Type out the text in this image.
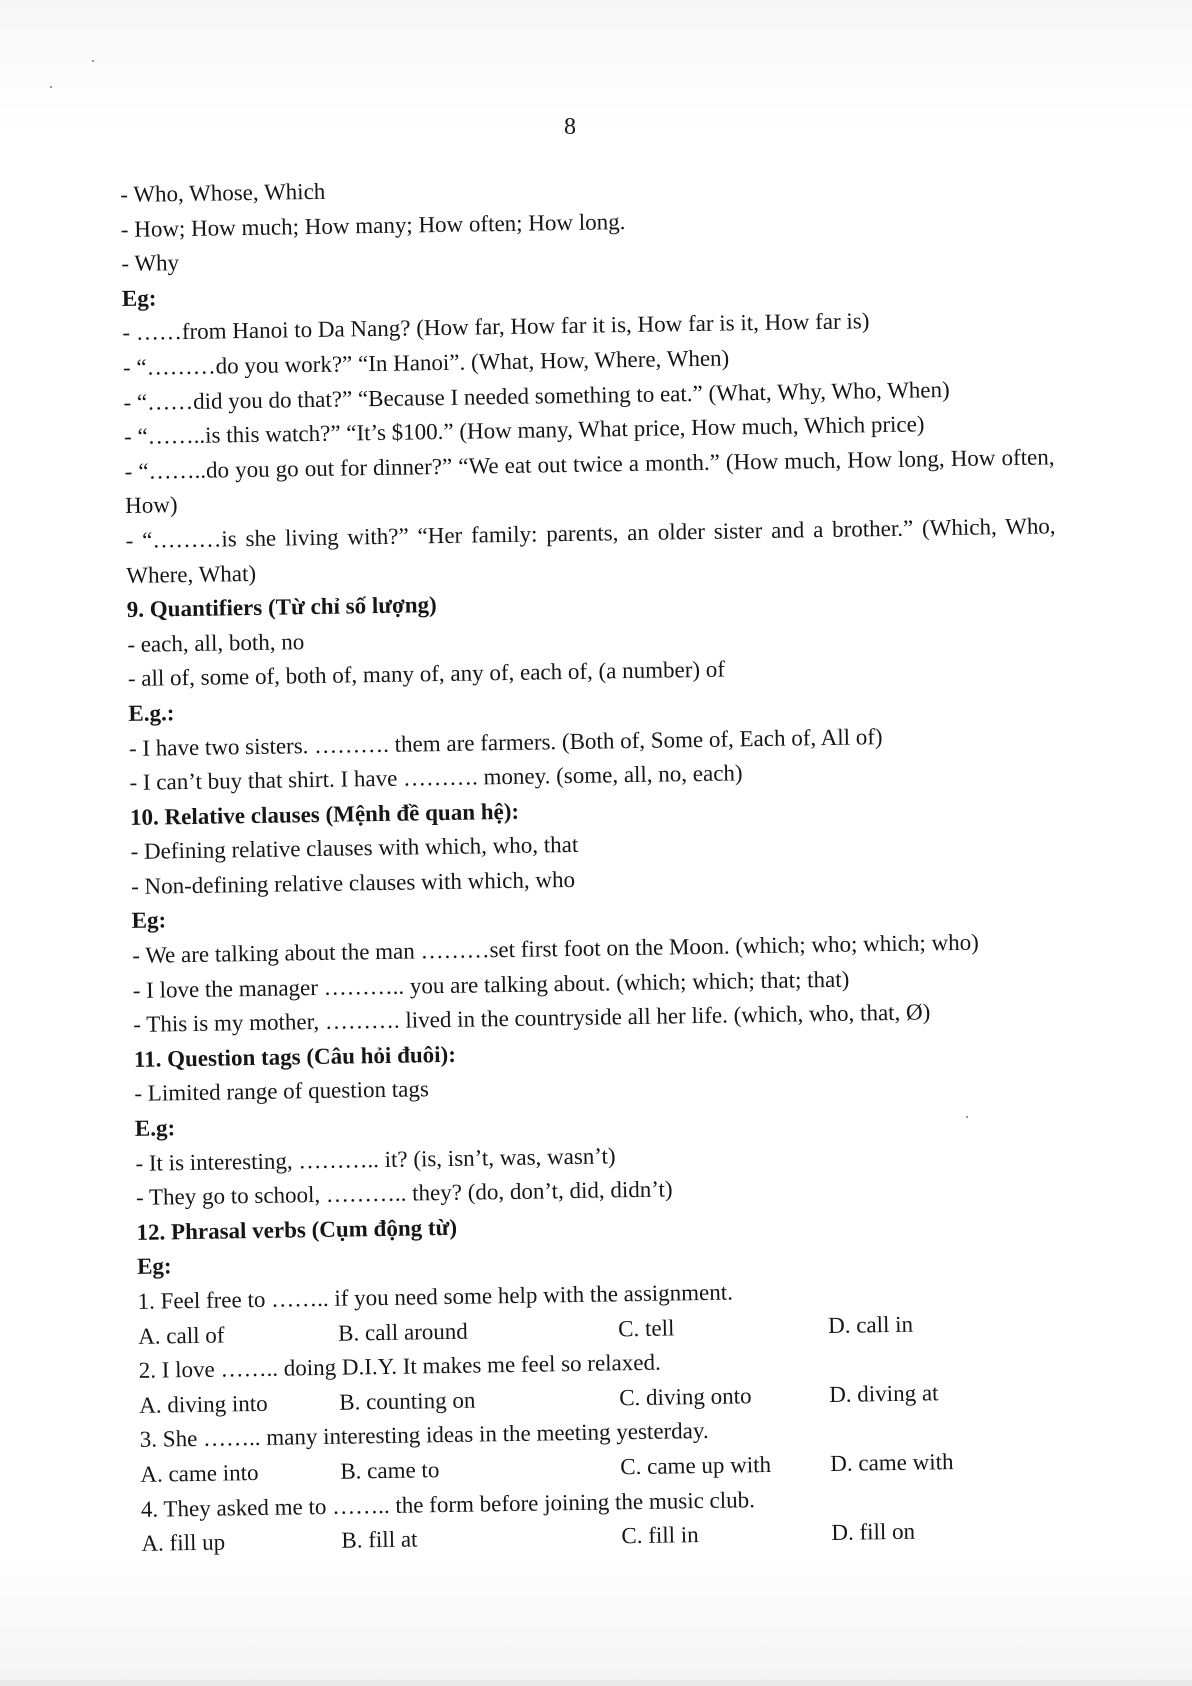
8
- Who, Whose, Which
- How; How much; How many; How often; How long.
- Why
Eg:
- ……from Hanoi to Da Nang? (How far, How far it is, How far is it, How far is)
- “………do you work?” “In Hanoi”. (What, How, Where, When)
- “……did you do that?” “Because I needed something to eat.” (What, Why, Who, When)
- “……..is this watch?” “It’s $100.” (How many, What price, How much, Which price)
- “……..do you go out for dinner?” “We eat out twice a month.” (How much, How long, How often, How)
- “………is she living with?” “Her family: parents, an older sister and a brother.” (Which, Who, Where, What)
9. Quantifiers (Từ chỉ số lượng)
- each, all, both, no
- all of, some of, both of, many of, any of, each of, (a number) of
E.g.:
- I have two sisters. ………. them are farmers. (Both of, Some of, Each of, All of)
- I can’t buy that shirt. I have ………. money. (some, all, no, each)
10. Relative clauses (Mệnh đề quan hệ):
- Defining relative clauses with which, who, that
- Non-defining relative clauses with which, who
Eg:
- We are talking about the man ………set first foot on the Moon. (which; who; which; who)
- I love the manager ……….. you are talking about. (which; which; that; that)
- This is my mother, ………. lived in the countryside all her life. (which, who, that, Ø)
11. Question tags (Câu hỏi đuôi):
- Limited range of question tags
E.g:
- It is interesting, ……….. it? (is, isn’t, was, wasn’t)
- They go to school, ……….. they? (do, don’t, did, didn’t)
12. Phrasal verbs (Cụm động từ)
Eg:
1. Feel free to …….. if you need some help with the assignment.
A. call of	B. call around	C. tell	D. call in
2. I love …….. doing D.I.Y. It makes me feel so relaxed.
A. diving into	B. counting on	C. diving onto	D. diving at
3. She …….. many interesting ideas in the meeting yesterday.
A. came into	B. came to	C. came up with	D. came with
4. They asked me to …….. the form before joining the music club.
A. fill up	B. fill at	C. fill in	D. fill on
